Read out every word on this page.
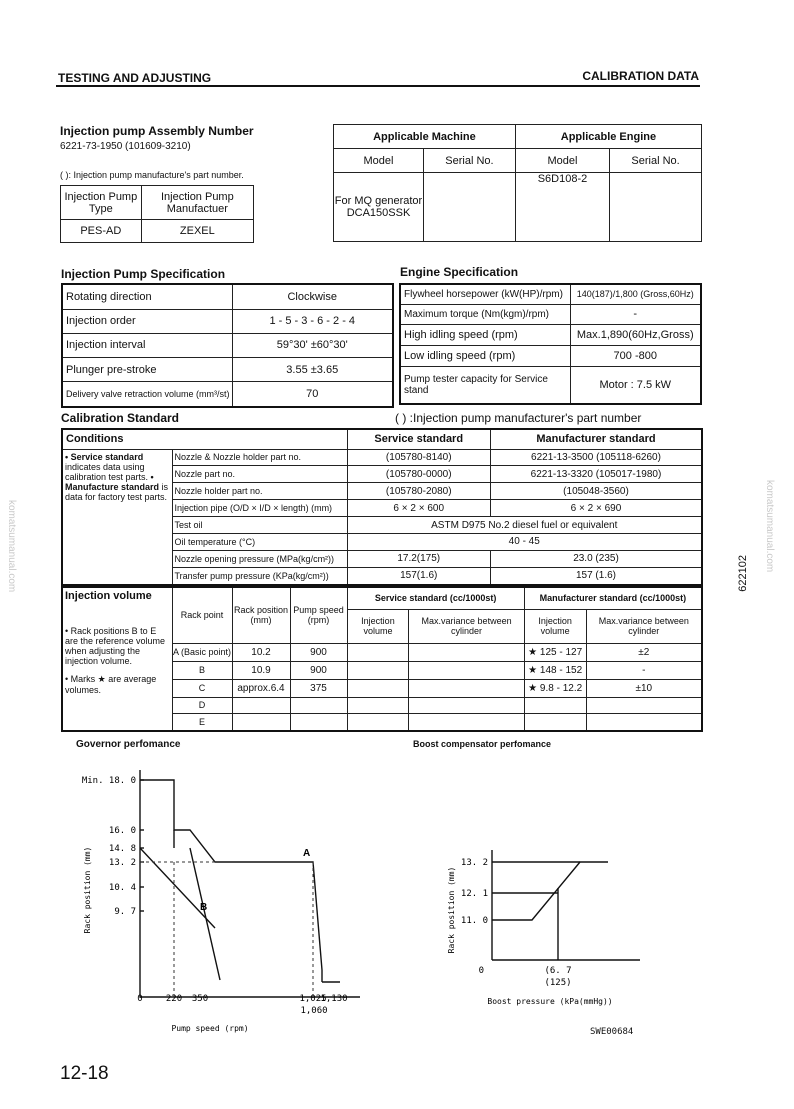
TESTING AND ADJUSTING	CALIBRATION DATA
Injection pump Assembly Number
6221-73-1950 (101609-3210)
( ): Injection pump manufacture's part number.
Injection Pump Type	Injection Pump Manufactuer
PES-AD	ZEXEL
Applicable Machine		Applicable Engine	
Model	Serial No.	Model	Serial No.
For MQ generator DCA150SSK		S6D108-2	
Injection Pump Specification
Rotating direction	Clockwise
Injection order	1 - 5 - 3 - 6 - 2 - 4
Injection interval	59°30' ±60°30'
Plunger pre-stroke	3.55 ±3.65
Delivery valve retraction volume (mm³/st)	70
Engine Specification
Flywheel horsepower (kW(HP)/rpm)	140(187)/1,800 (Gross,60Hz)
Maximum torque (Nm(kgm)/rpm)	-
High idling speed (rpm)	Max.1,890(60Hz,Gross)
Low idling speed (rpm)	700 -800
Pump tester capacity for Service stand	Motor : 7.5 kW
Calibration Standard	( ) :Injection pump manufacturer's part number
Conditions		Service standard	Manufacturer standard
• Service standard indicates data using calibration test parts. • Manufacture standard is data for factory test parts.	Nozzle & Nozzle holder part no.	(105780-8140)	6221-13-3500 (105118-6260)
	Nozzle part no.	(105780-0000)	6221-13-3320 (105017-1980)
	Nozzle holder part no.	(105780-2080)	(105048-3560)
	Injection pipe (O/D × I/D × length) (mm)	6 × 2 × 600	6 × 2 × 690
	Test oil	ASTM D975 No.2 diesel fuel or equivalent	
	Oil temperature (°C)	40 - 45	
	Nozzle opening pressure (MPa(kg/cm²))	17.2(175)	23.0 (235)
	Transfer pump pressure (KPa(kg/cm²))	157(1.6)	157 (1.6)
Injection volume
• Rack positions B to E are the reference volume when adjusting the injection volume.
• Marks ★ are average volumes.	Rack point	Rack position (mm)	Pump speed (rpm)	Service standard (cc/1000st)		Manufacturer standard (cc/1000st)	
				Injection volume	Max.variance between cylinder	Injection volume	Max.variance between cylinder
	A (Basic point)	10.2	900			★ 125 - 127	±2
	B	10.9	900			★ 148 - 152	-
	C	approx.6.4	375			★ 9.8 - 12.2	±10
	D						
	E						
Governor perfomance
Min. 18. 0
16. 0
14. 8
13. 2
10. 4
9. 7
0	220 350	1,025
1,130
1,060
Pump speed (rpm)
Rack position (mm)	A
B
Boost compensator perfomance
13. 2
12. 1
11. 0
0	(6. 7
(125)
Boost pressure (kPa(mmHg))
Rack position (mm)
SWE00684
12-18
622102
komatsumanual.com	komatsumanual.com
